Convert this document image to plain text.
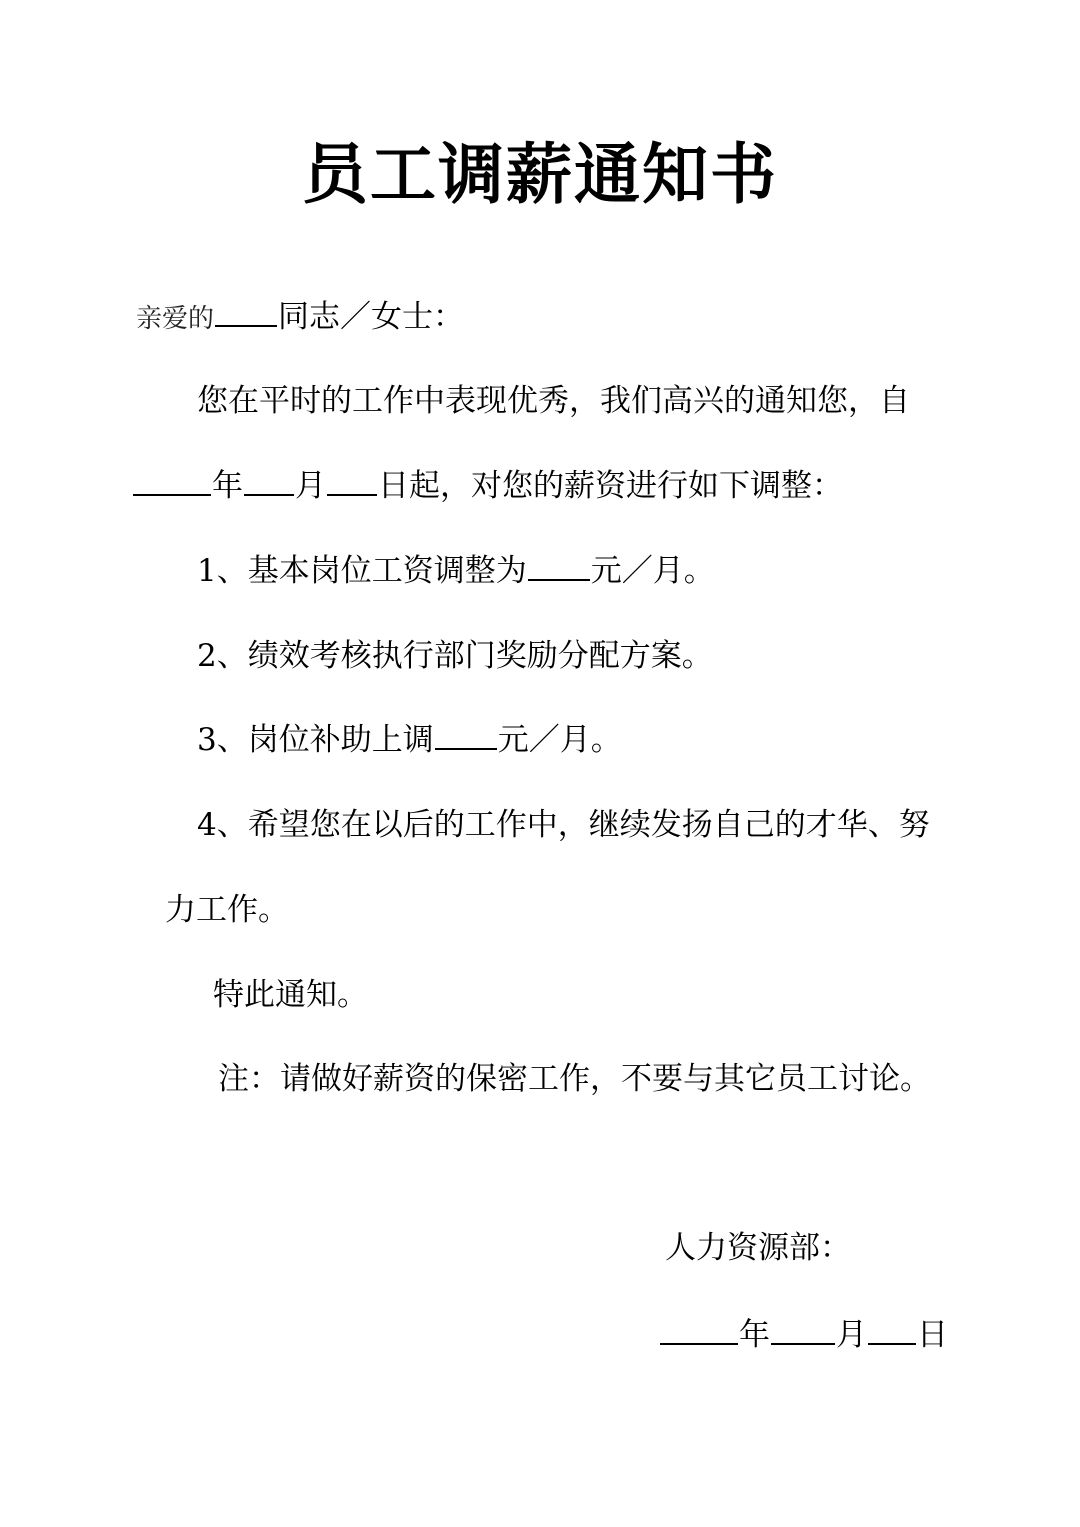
员工调薪通知书
亲爱的 同志／女士：
您在平时的工作中表现优秀，我们高兴的通知您，自
年 月 日起，对您的薪资进行如下调整：
1、基本岗位工资调整为 元／月。
2、绩效考核执行部门奖励分配方案。
3、岗位补助上调 元／月。
4、希望您在以后的工作中，继续发扬自己的才华、努
力工作。
特此通知。
注：请做好薪资的保密工作，不要与其它员工讨论。
人力资源部：
年 月 日
